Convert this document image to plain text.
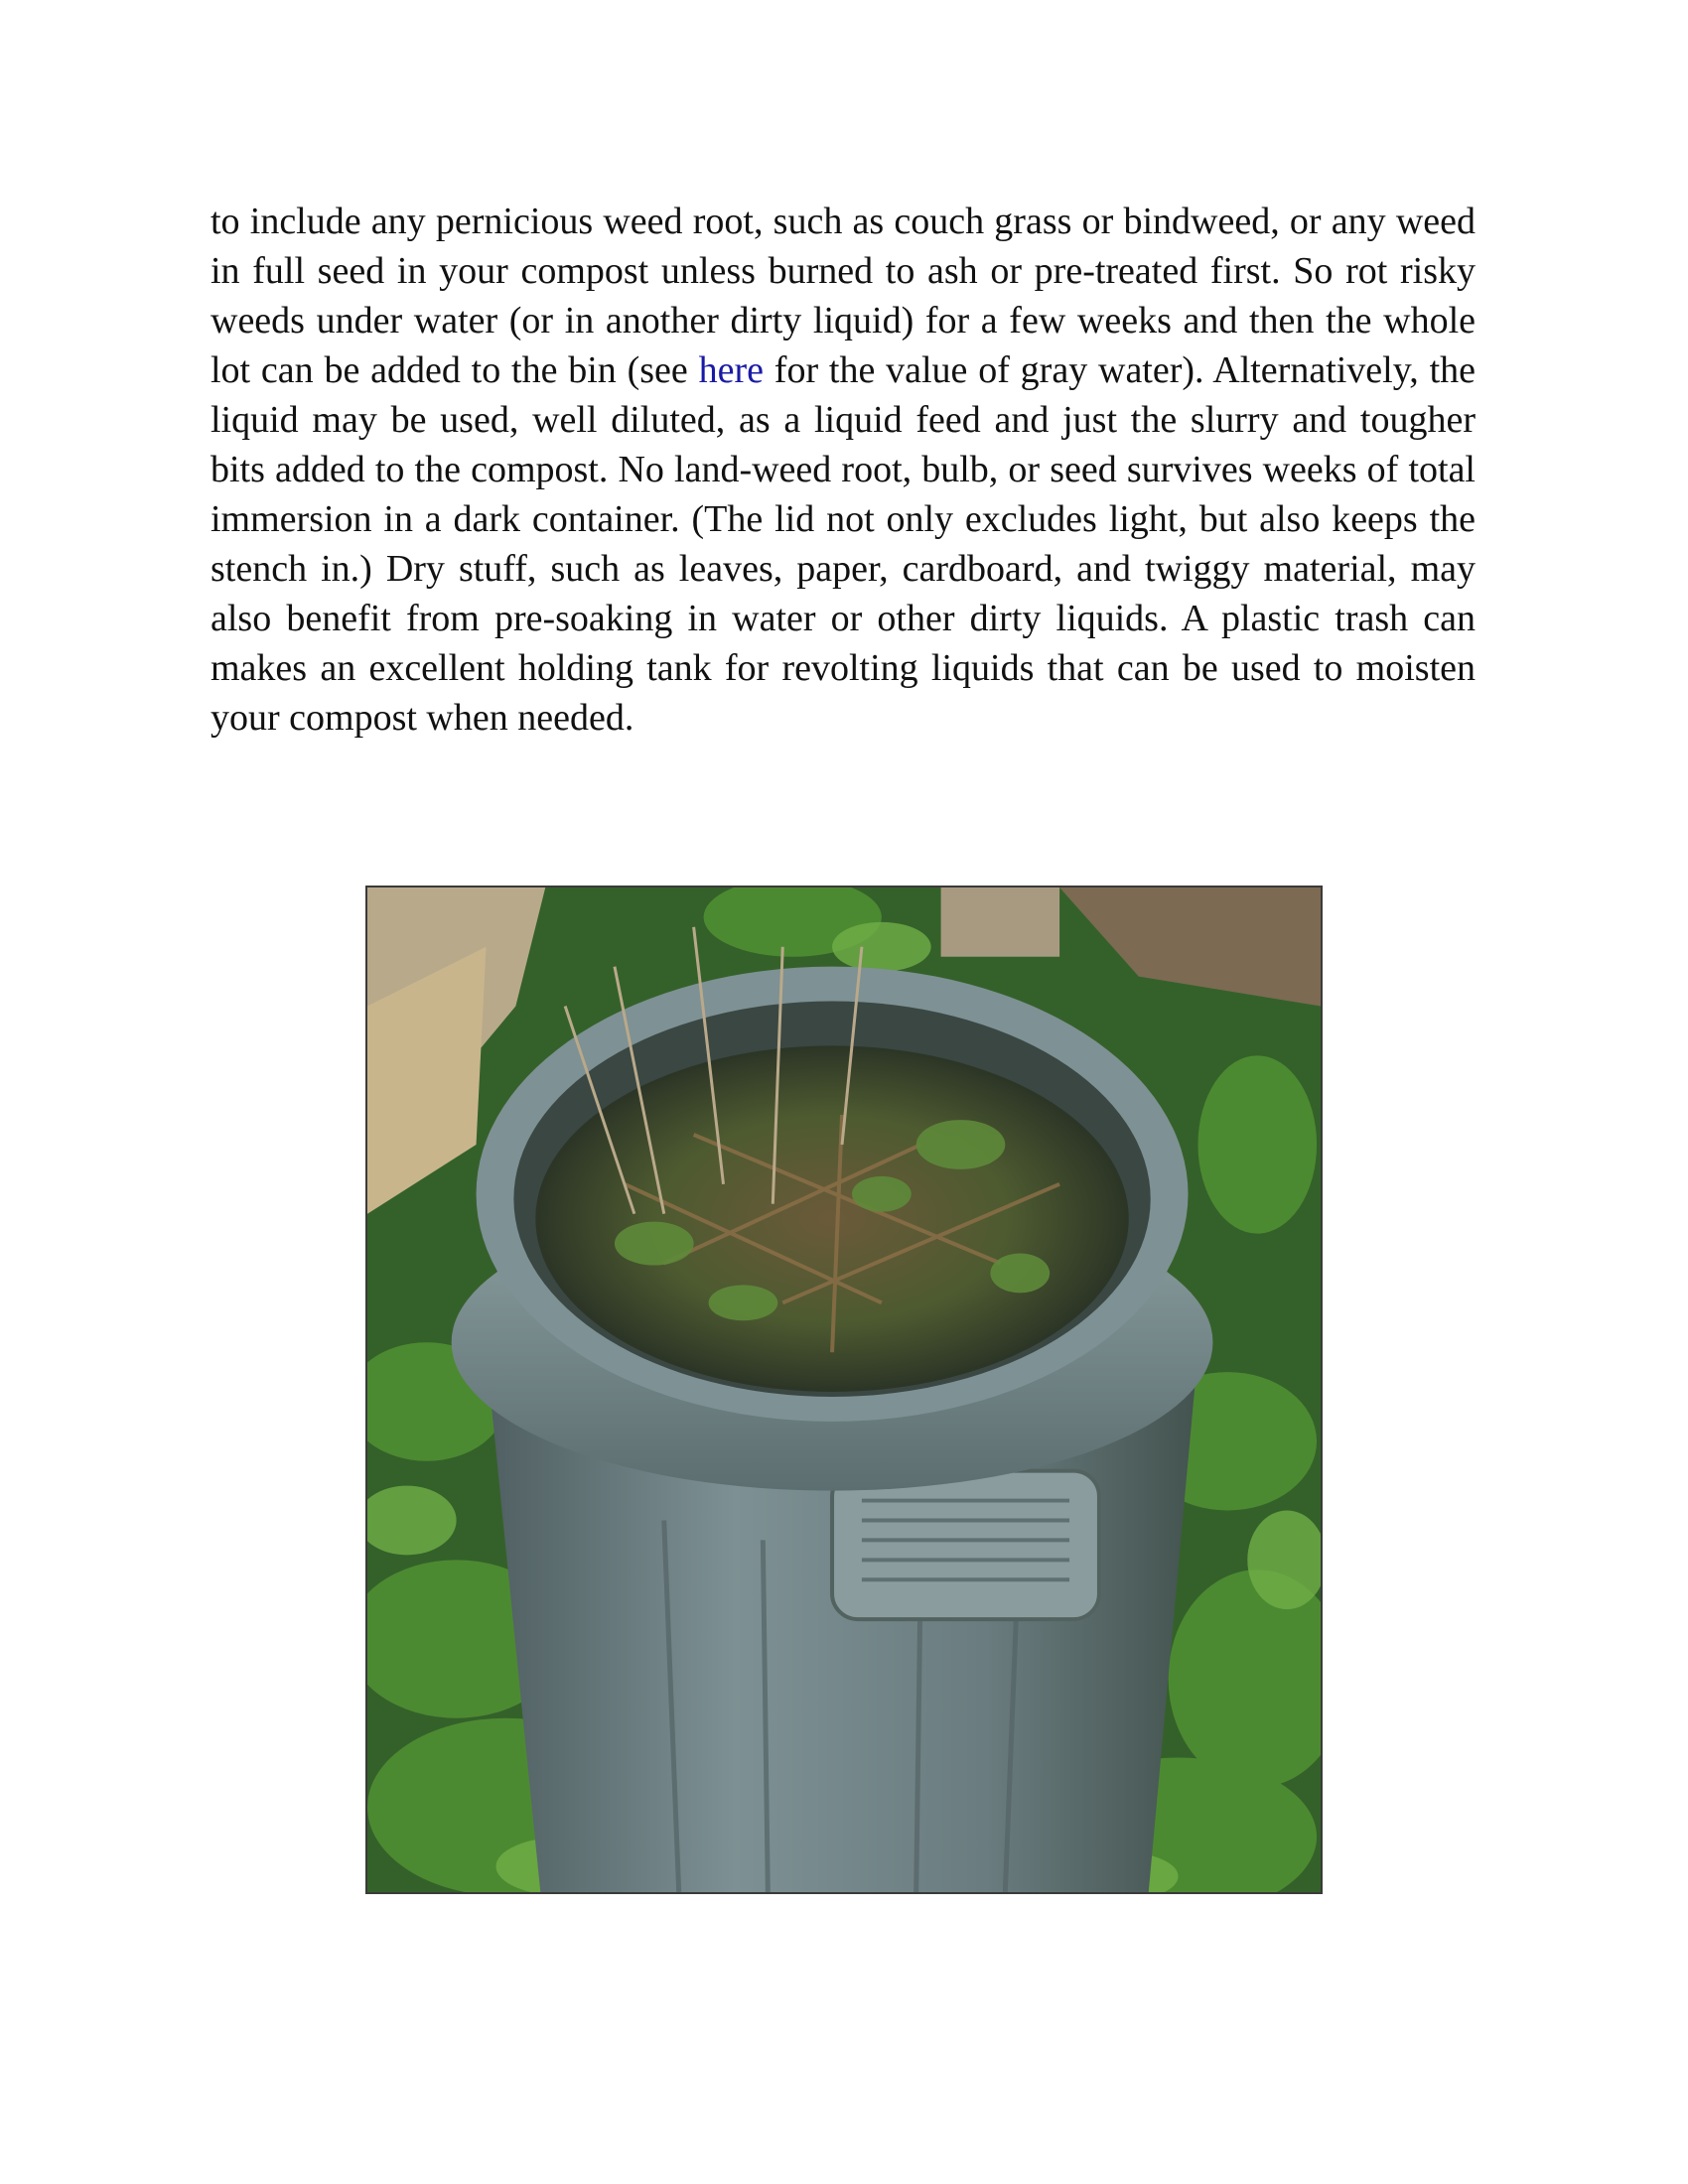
to include any pernicious weed root, such as couch grass or bindweed, or any weed in full seed in your compost unless burned to ash or pre-treated first. So rot risky weeds under water (or in another dirty liquid) for a few weeks and then the whole lot can be added to the bin (see here for the value of gray water). Alternatively, the liquid may be used, well diluted, as a liquid feed and just the slurry and tougher bits added to the compost. No land-weed root, bulb, or seed survives weeks of total immersion in a dark container. (The lid not only excludes light, but also keeps the stench in.) Dry stuff, such as leaves, paper, cardboard, and twiggy material, may also benefit from pre-soaking in water or other dirty liquids. A plastic trash can makes an excellent holding tank for revolting liquids that can be used to moisten your compost when needed.
